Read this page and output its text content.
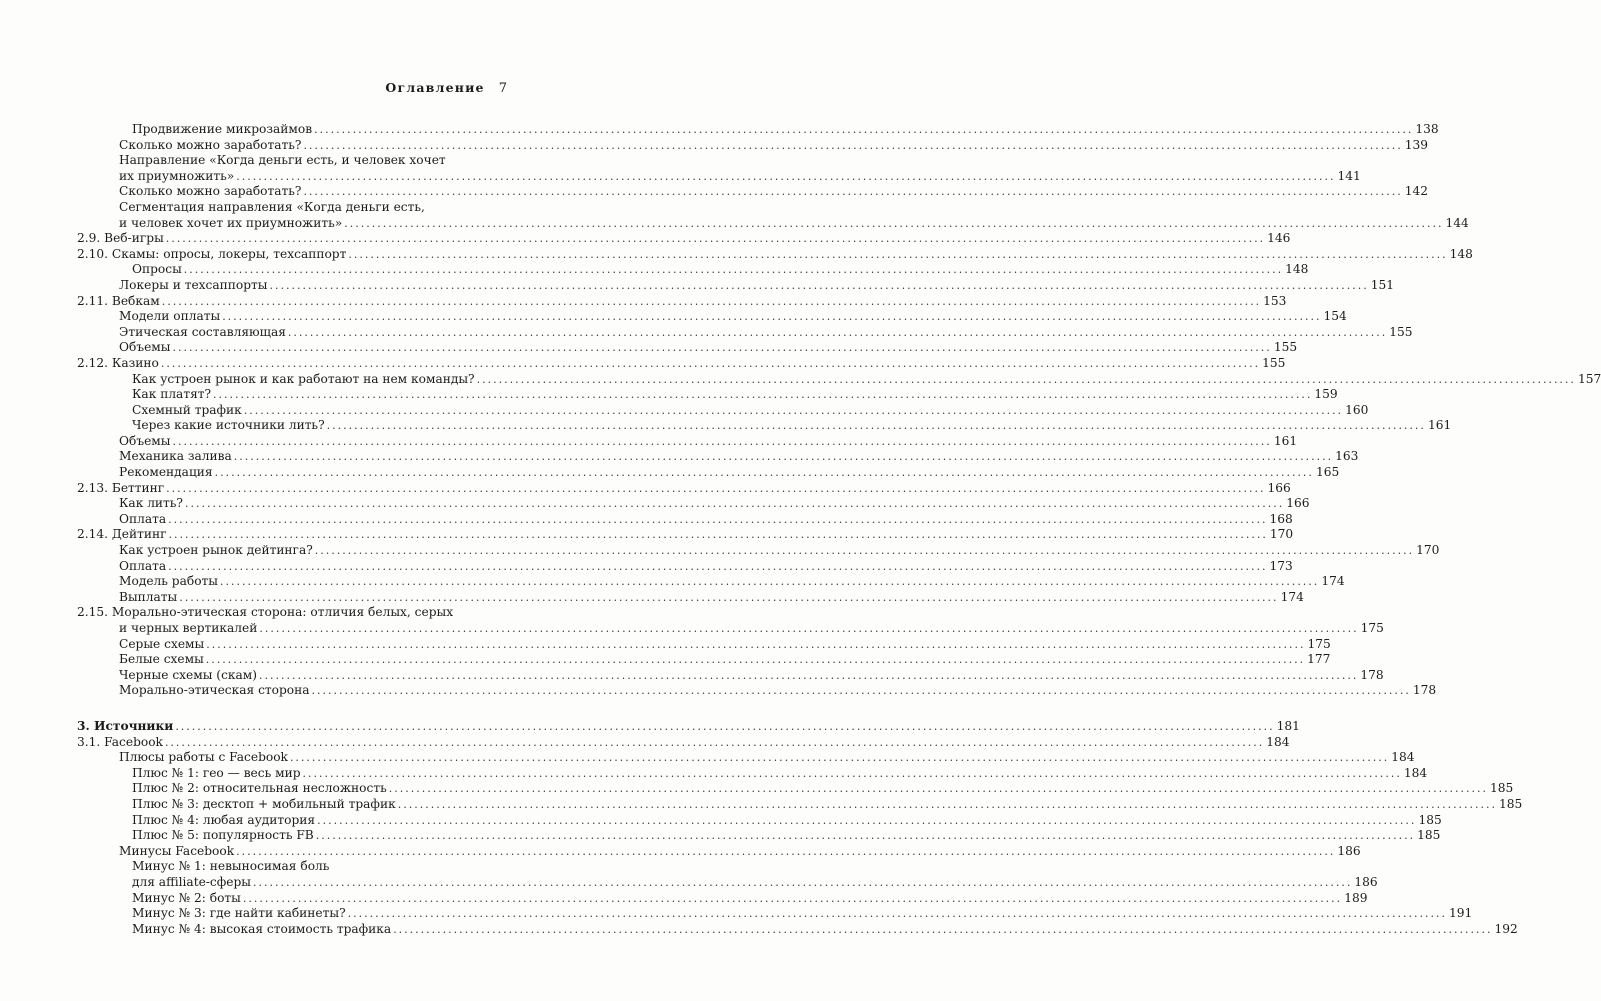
Оглавление 7
Продвижение микрозаймов ........................................................................................................................................................................................................ 138
Сколько можно заработать? ........................................................................................................................................................................................................ 139
Направление «Когда деньги есть, и человек хочет
их приумножить» ........................................................................................................................................................................................................ 141
Сколько можно заработать? ........................................................................................................................................................................................................ 142
Сегментация направления «Когда деньги есть,
и человек хочет их приумножить» ........................................................................................................................................................................................................ 144
2.9. Веб-игры ........................................................................................................................................................................................................ 146
2.10. Скамы: опросы, локеры, техсаппорт ........................................................................................................................................................................................................ 148
Опросы ........................................................................................................................................................................................................ 148
Локеры и техсаппорты ........................................................................................................................................................................................................ 151
2.11. Вебкам ........................................................................................................................................................................................................ 153
Модели оплаты ........................................................................................................................................................................................................ 154
Этическая составляющая ........................................................................................................................................................................................................ 155
Объемы ........................................................................................................................................................................................................ 155
2.12. Казино ........................................................................................................................................................................................................ 155
Как устроен рынок и как работают на нем команды? ........................................................................................................................................................................................................ 157
Как платят? ........................................................................................................................................................................................................ 159
Схемный трафик ........................................................................................................................................................................................................ 160
Через какие источники лить? ........................................................................................................................................................................................................ 161
Объемы ........................................................................................................................................................................................................ 161
Механика залива ........................................................................................................................................................................................................ 163
Рекомендация ........................................................................................................................................................................................................ 165
2.13. Беттинг ........................................................................................................................................................................................................ 166
Как лить? ........................................................................................................................................................................................................ 166
Оплата ........................................................................................................................................................................................................ 168
2.14. Дейтинг ........................................................................................................................................................................................................ 170
Как устроен рынок дейтинга? ........................................................................................................................................................................................................ 170
Оплата ........................................................................................................................................................................................................ 173
Модель работы ........................................................................................................................................................................................................ 174
Выплаты ........................................................................................................................................................................................................ 174
2.15. Морально-этическая сторона: отличия белых, серых
и черных вертикалей ........................................................................................................................................................................................................ 175
Серые схемы ........................................................................................................................................................................................................ 175
Белые схемы ........................................................................................................................................................................................................ 177
Черные схемы (скам) ........................................................................................................................................................................................................ 178
Морально-этическая сторона ........................................................................................................................................................................................................ 178
3. Источники ........................................................................................................................................................................................................ 181
3.1. Facebook ........................................................................................................................................................................................................ 184
Плюсы работы с Facebook ........................................................................................................................................................................................................ 184
Плюс № 1: гео — весь мир ........................................................................................................................................................................................................ 184
Плюс № 2: относительная несложность ........................................................................................................................................................................................................ 185
Плюс № 3: десктоп + мобильный трафик ........................................................................................................................................................................................................ 185
Плюс № 4: любая аудитория ........................................................................................................................................................................................................ 185
Плюс № 5: популярность FB ........................................................................................................................................................................................................ 185
Минусы Facebook ........................................................................................................................................................................................................ 186
Минус № 1: невыносимая боль
для affiliate-сферы ........................................................................................................................................................................................................ 186
Минус № 2: боты ........................................................................................................................................................................................................ 189
Минус № 3: где найти кабинеты? ........................................................................................................................................................................................................ 191
Минус № 4: высокая стоимость трафика ........................................................................................................................................................................................................ 192
